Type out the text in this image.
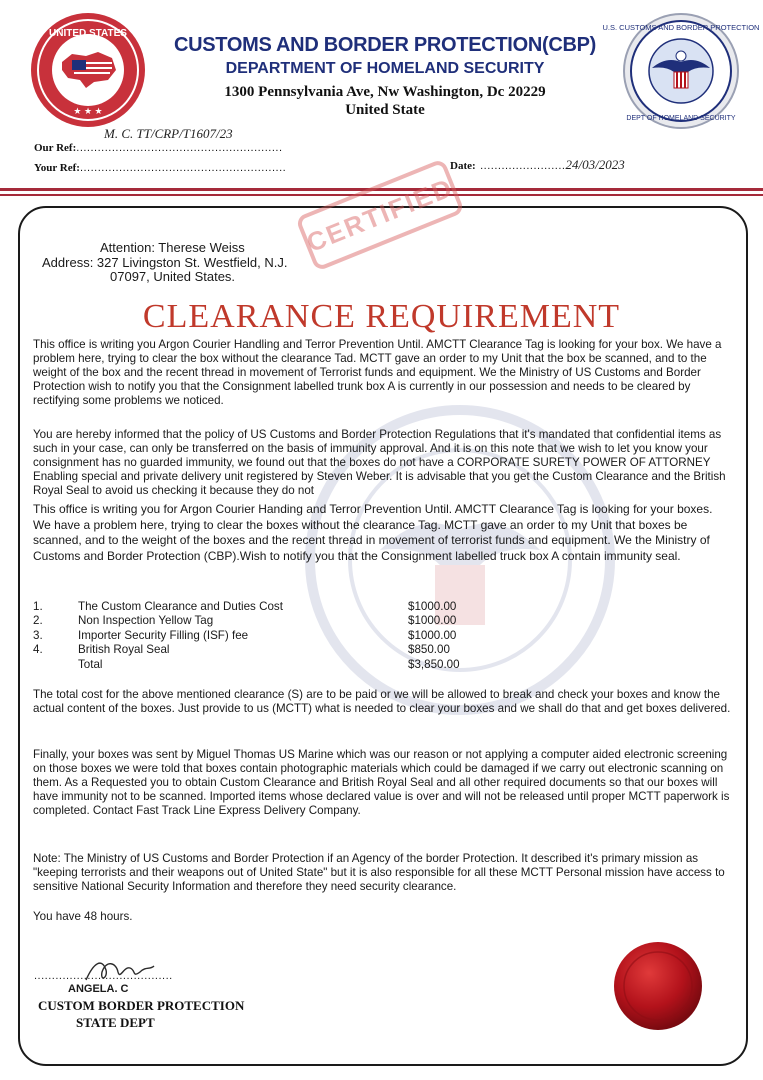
UNITED STATES
★ ★ ★
U.S. CUSTOMS AND BORDER PROTECTION
DEPT OF HOMELAND SECURITY
CUSTOMS AND BORDER PROTECTION(CBP)
DEPARTMENT OF HOMELAND SECURITY
1300 Pennsylvania Ave, Nw Washington, Dc 20229
United State
M. C. TT/CRP/T1607/23
Our Ref:..........................................................
Your Ref:..........................................................	Date: ........................24/03/2023
CERTIFIED
Attention: Therese Weiss
Address: 327 Livingston St. Westfield, N.J.
07097, United States.
CLEARANCE REQUIREMENT
This office is writing you Argon Courier Handling and Terror Prevention Until. AMCTT Clearance Tag is looking for your box. We have a problem here, trying to clear the box without the clearance Tad. MCTT gave an order to my Unit that the box be scanned, and to the weight of the box and the recent thread in movement of Terrorist funds and equipment. We the Ministry of US Customs and Border Protection wish to notify you that the Consignment labelled trunk box A is currently in our possession and needs to be cleared by rectifying some problems we noticed.
You are hereby informed that the policy of US Customs and Border Protection Regulations that it's mandated that confidential items as such in your case, can only be transferred on the basis of immunity approval. And it is on this note that we wish to let you know your consignment has no guarded immunity, we found out that the boxes do not have a CORPORATE SURETY POWER OF ATTORNEY Enabling special and private delivery unit registered by Steven Weber. It is advisable that you get the Custom Clearance and the British Royal Seal to avoid us checking it because they do not
This office is writing you for Argon Courier Handing and Terror Prevention Until. AMCTT Clearance Tag is looking for your boxes. We have a problem here, trying to clear the boxes without the clearance Tag. MCTT gave an order to my Unit that boxes be scanned, and to the weight of the boxes and the recent thread in movement of terrorist funds and equipment. We the Ministry of Customs and Border Protection (CBP).Wish to notify you that the Consignment labelled truck box A contain immunity seal.
1.	The Custom Clearance and Duties Cost	$1000.00
2.	Non Inspection Yellow Tag	$1000.00
3.	Importer Security Filling (ISF) fee	$1000.00
4.	British Royal Seal	$850.00
	Total	$3,850.00
The total cost for the above mentioned clearance (S) are to be paid or we will be allowed to break and check your boxes and know the actual content of the boxes. Just provide to us (MCTT) what is needed to clear your boxes and we shall do that and get boxes delivered.
Finally, your boxes was sent by Miguel Thomas US Marine which was our reason or not applying a computer aided electronic screening on those boxes we were told that boxes contain photographic materials which could be damaged if we carry out electronic scanning on them. As a Requested you to obtain Custom Clearance and British Royal Seal and all other required documents so that our boxes will have immunity not to be scanned. Imported items whose declared value is over and will not be released until proper MCTT paperwork is completed. Contact Fast Track Line Express Delivery Company.
Note: The Ministry of US Customs and Border Protection if an Agency of the border Protection. It described it's primary mission as "keeping terrorists and their weapons out of United State" but it is also responsible for all these MCTT Personal mission have access to sensitive National Security Information and therefore they need security clearance.
You have 48 hours.
.......................................
ANGELA. C
CUSTOM BORDER PROTECTION
STATE DEPT
